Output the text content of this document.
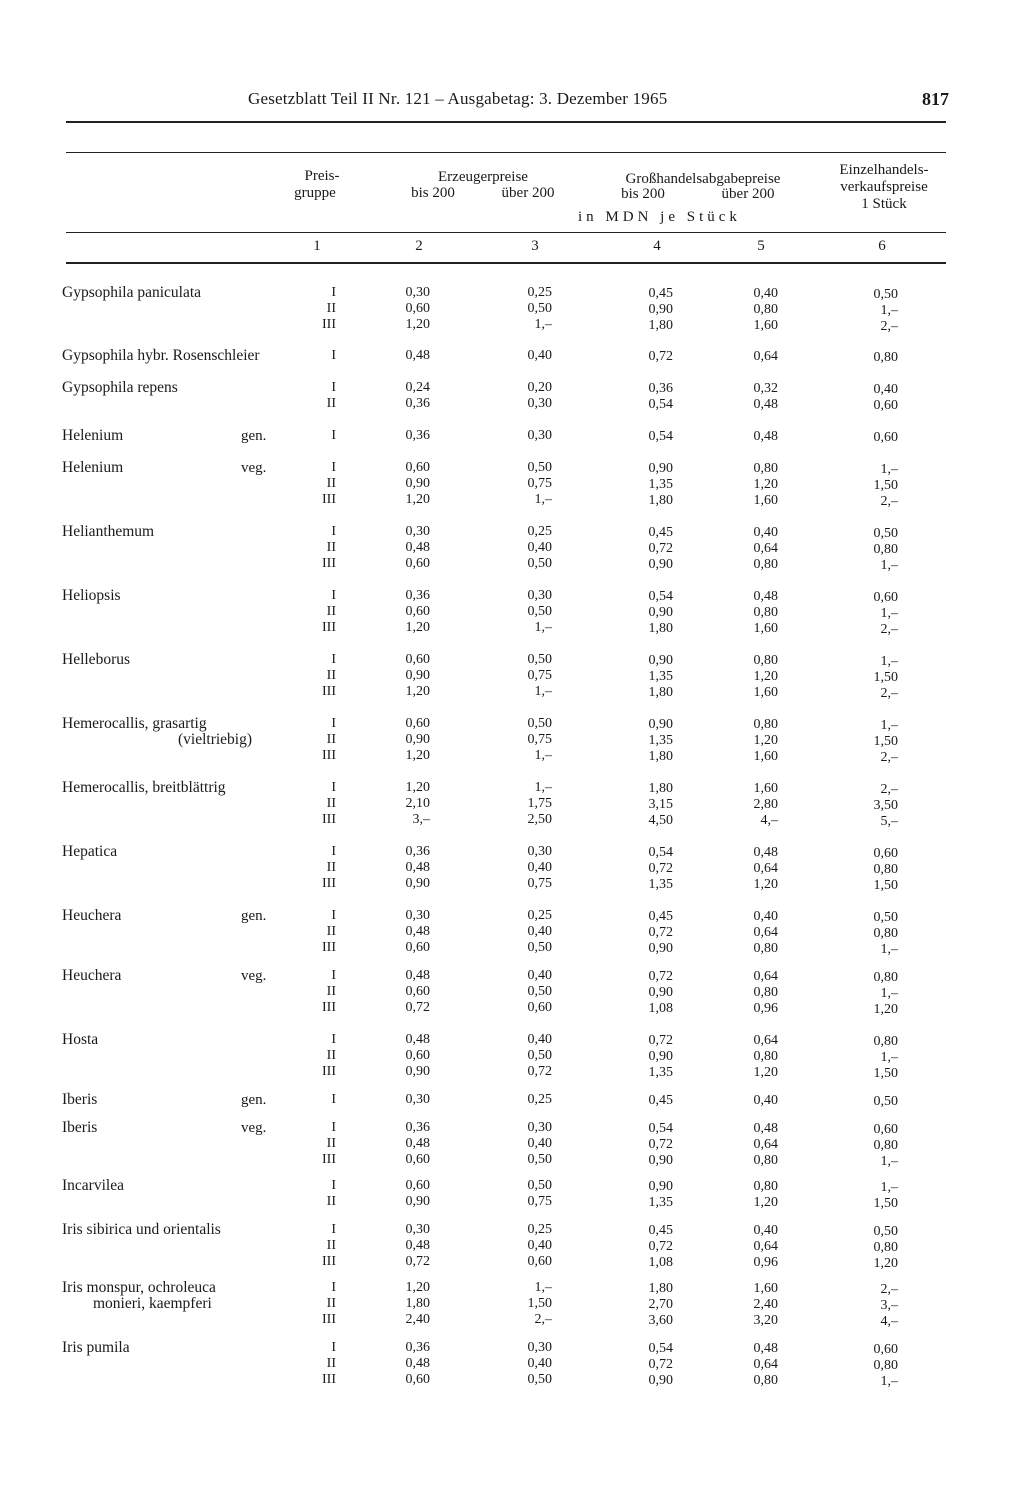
Gesetzblatt Teil II Nr. 121 – Ausgabetag: 3. Dezember 1965	817
Preis-
gruppe
Erzeugerpreise
bis 200	über 200
Großhandelsabgabepreise
bis 200	über 200
Einzelhandels-
verkaufspreise
1 Stück
in MDN je Stück
1	2	3	4	5	6
Gypsophila paniculata	I	0,30	0,25	0,45	0,40	0,50
II	0,60	0,50	0,90	0,80	1,–
III	1,20	1,–	1,80	1,60	2,–
Gypsophila hybr. Rosenschleier	I	0,48	0,40	0,72	0,64	0,80
Gypsophila repens	I	0,24	0,20	0,36	0,32	0,40
II	0,36	0,30	0,54	0,48	0,60
Helenium	gen.	I	0,36	0,30	0,54	0,48	0,60
Helenium	veg.	I	0,60	0,50	0,90	0,80	1,–
II	0,90	0,75	1,35	1,20	1,50
III	1,20	1,–	1,80	1,60	2,–
Helianthemum	I	0,30	0,25	0,45	0,40	0,50
II	0,48	0,40	0,72	0,64	0,80
III	0,60	0,50	0,90	0,80	1,–
Heliopsis	I	0,36	0,30	0,54	0,48	0,60
II	0,60	0,50	0,90	0,80	1,–
III	1,20	1,–	1,80	1,60	2,–
Helleborus	I	0,60	0,50	0,90	0,80	1,–
II	0,90	0,75	1,35	1,20	1,50
III	1,20	1,–	1,80	1,60	2,–
Hemerocallis, grasartig
(vieltriebig)
I	0,60	0,50	0,90	0,80	1,–
II	0,90	0,75	1,35	1,20	1,50
III	1,20	1,–	1,80	1,60	2,–
Hemerocallis, breitblättrig	I	1,20	1,–	1,80	1,60	2,–
II	2,10	1,75	3,15	2,80	3,50
III	3,–	2,50	4,50	4,–	5,–
Hepatica	I	0,36	0,30	0,54	0,48	0,60
II	0,48	0,40	0,72	0,64	0,80
III	0,90	0,75	1,35	1,20	1,50
Heuchera	gen.	I	0,30	0,25	0,45	0,40	0,50
II	0,48	0,40	0,72	0,64	0,80
III	0,60	0,50	0,90	0,80	1,–
Heuchera	veg.	I	0,48	0,40	0,72	0,64	0,80
II	0,60	0,50	0,90	0,80	1,–
III	0,72	0,60	1,08	0,96	1,20
Hosta	I	0,48	0,40	0,72	0,64	0,80
II	0,60	0,50	0,90	0,80	1,–
III	0,90	0,72	1,35	1,20	1,50
Iberis	gen.	I	0,30	0,25	0,45	0,40	0,50
Iberis	veg.	I	0,36	0,30	0,54	0,48	0,60
II	0,48	0,40	0,72	0,64	0,80
III	0,60	0,50	0,90	0,80	1,–
Incarvilea	I	0,60	0,50	0,90	0,80	1,–
II	0,90	0,75	1,35	1,20	1,50
Iris sibirica und orientalis	I	0,30	0,25	0,45	0,40	0,50
II	0,48	0,40	0,72	0,64	0,80
III	0,72	0,60	1,08	0,96	1,20
Iris monspur, ochroleuca
monieri, kaempferi
I	1,20	1,–	1,80	1,60	2,–
II	1,80	1,50	2,70	2,40	3,–
III	2,40	2,–	3,60	3,20	4,–
Iris pumila	I	0,36	0,30	0,54	0,48	0,60
II	0,48	0,40	0,72	0,64	0,80
III	0,60	0,50	0,90	0,80	1,–
